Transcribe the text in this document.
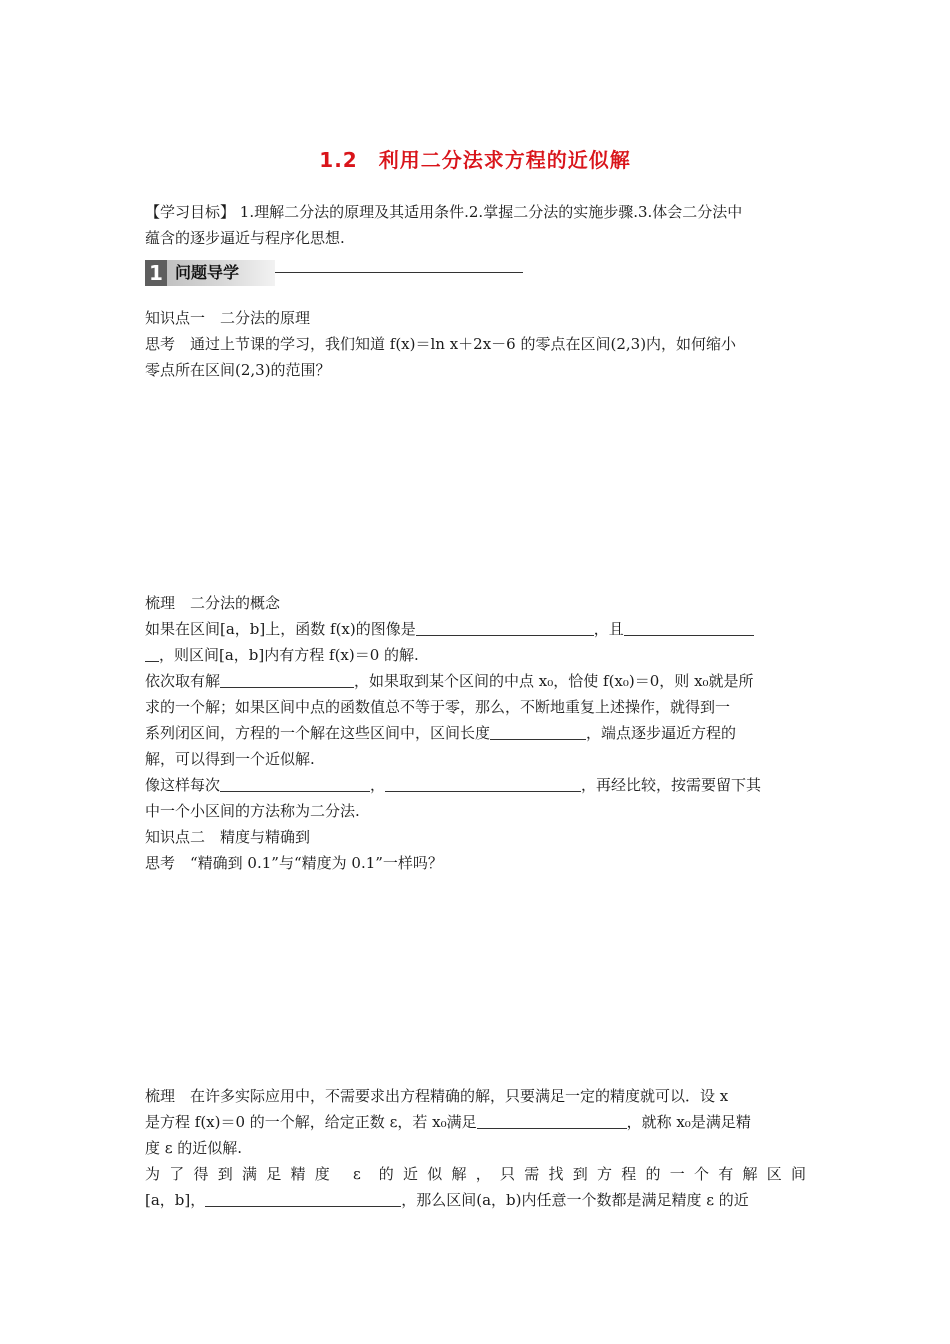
1.2　利用二分法求方程的近似解
【学习目标】 1.理解二分法的原理及其适用条件.2.掌握二分法的实施步骤.3.体会二分法中
蕴含的逐步逼近与程序化思想.
1 问题导学
知识点一　二分法的原理
思考　通过上节课的学习，我们知道 f(x)＝ln x＋2x－6 的零点在区间(2,3)内，如何缩小
零点所在区间(2,3)的范围？
梳理　二分法的概念
如果在区间[a，b]上，函数 f(x)的图像是	，且
，则区间[a，b]内有方程 f(x)＝0 的解.
依次取有解	，如果取到某个区间的中点 x₀，恰使 f(x₀)＝0，则 x₀就是所
求的一个解；如果区间中点的函数值总不等于零，那么，不断地重复上述操作，就得到一
系列闭区间，方程的一个解在这些区间中，区间长度	，端点逐步逼近方程的
解，可以得到一个近似解.
像这样每次	，	，再经比较，按需要留下其
中一个小区间的方法称为二分法.
知识点二　精度与精确到
思考　“精确到 0.1”与“精度为 0.1”一样吗？
梳理　在许多实际应用中，不需要求出方程精确的解，只要满足一定的精度就可以．设 x
是方程 f(x)＝0 的一个解，给定正数 ε，若 x₀满足	，就称 x₀是满足精
度 ε 的近似解.
为了得到满足精度 ε 的近似解，只需找到方程的一个有解区间
[a，b]，	，那么区间(a，b)内任意一个数都是满足精度 ε 的近
